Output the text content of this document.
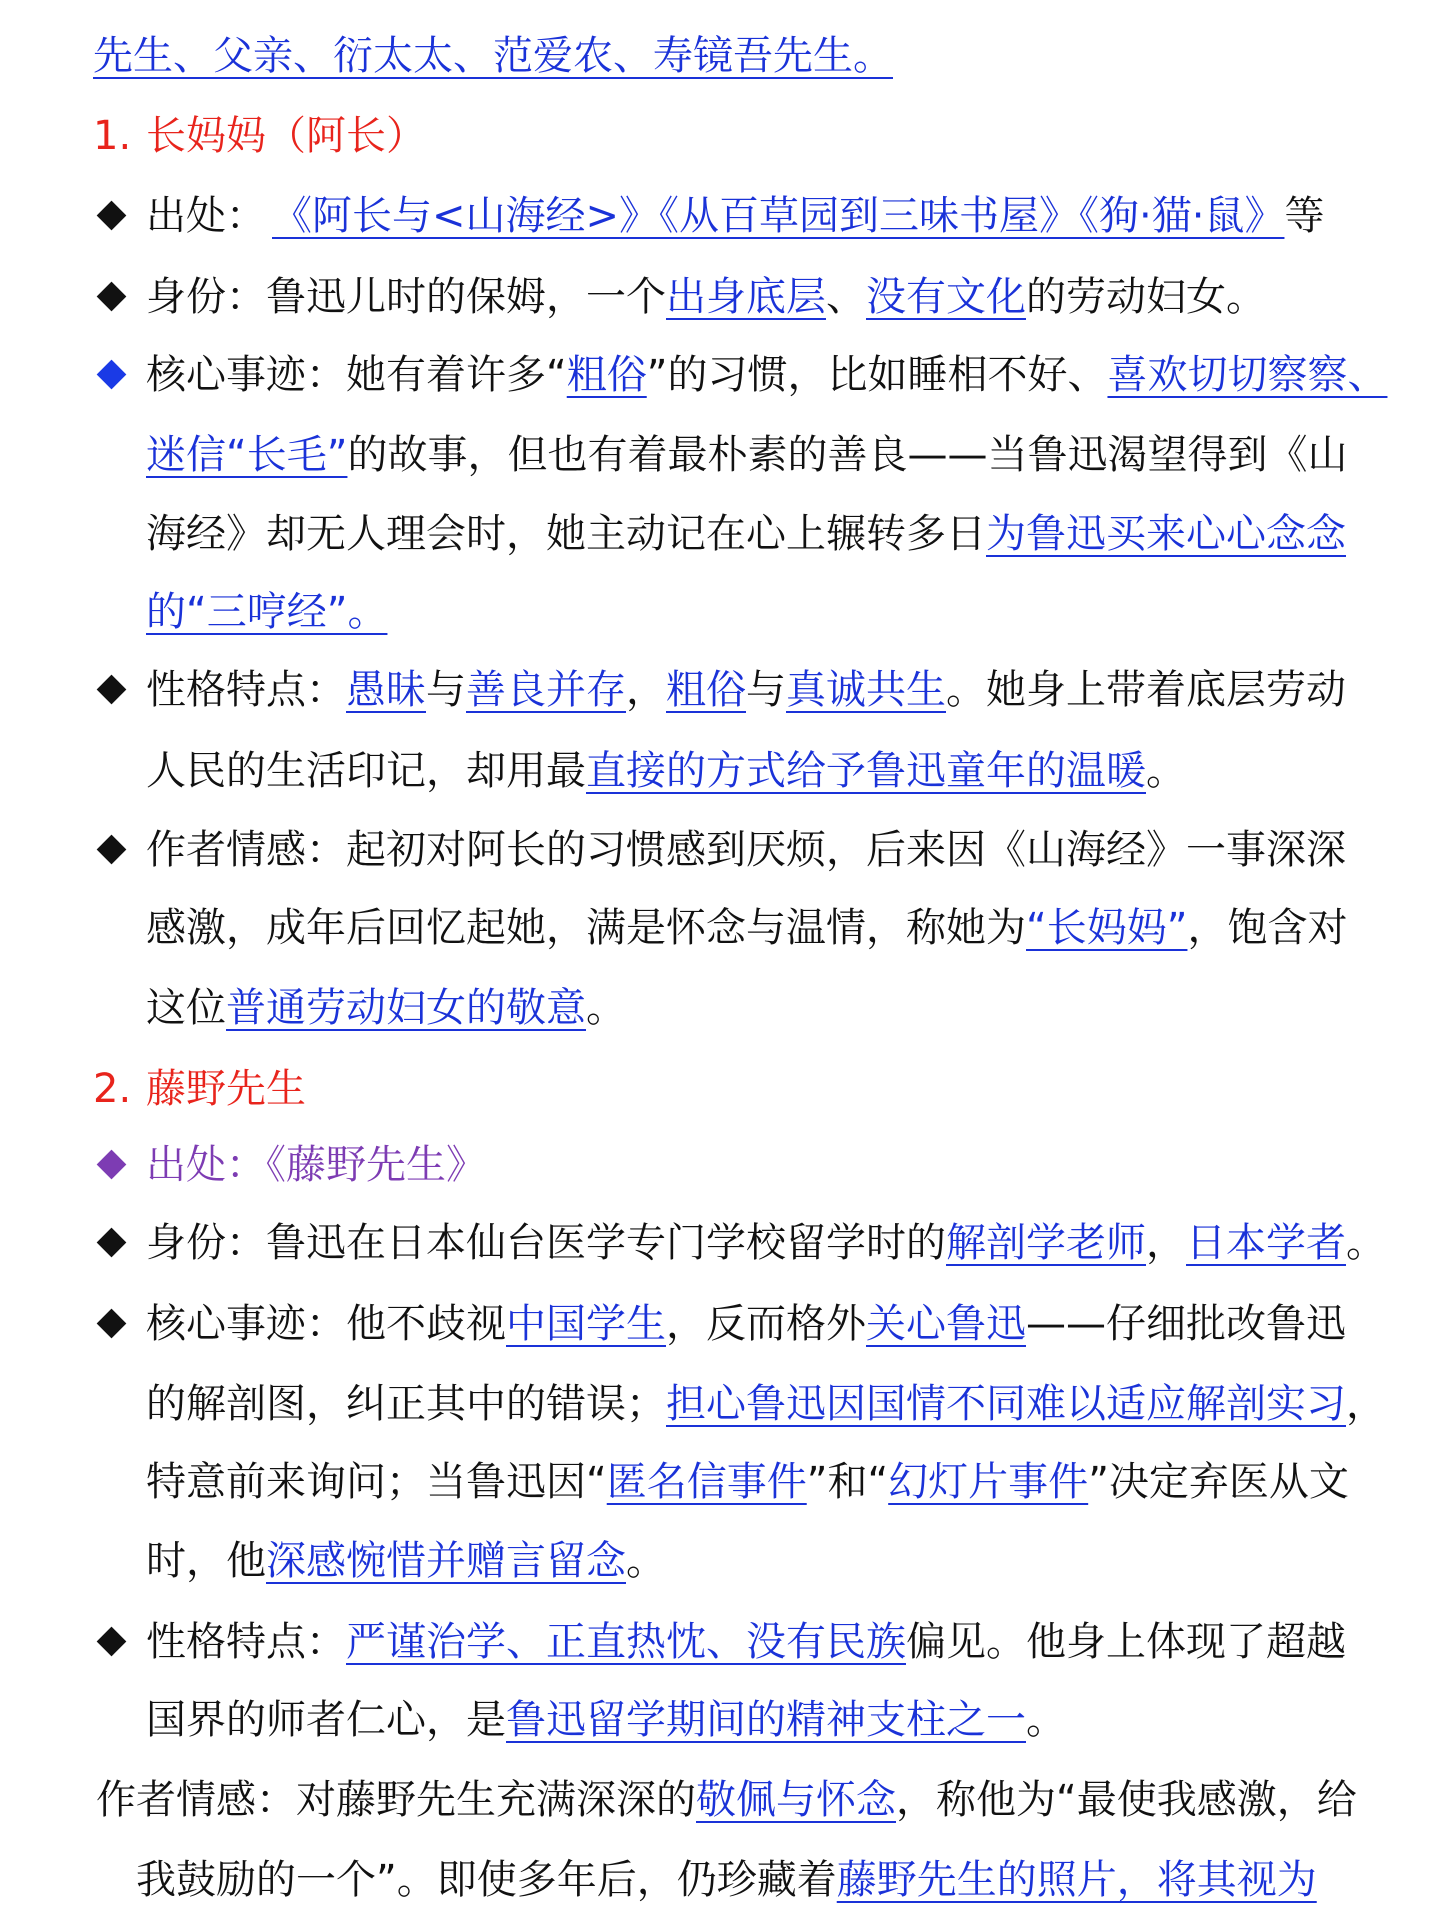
先生、父亲、衍太太、范爱农、寿镜吾先生。
1. 长妈妈（阿长）
出处： 《阿长与<山海经>》《从百草园到三味书屋》《狗·猫·鼠》 等
身份：鲁迅儿时的保姆，一个 出身底层 、 没有文化 的劳动妇女。
核心事迹：她有着许多“ 粗俗 ”的习惯，比如睡相不好、 喜欢切切察察、
迷信“长毛” 的故事，但也有着最朴素的善良——当鲁迅渴望得到《山
海经》却无人理会时，她主动记在心上辗转多日 为鲁迅买来心心念念
的“三哼经”。
性格特点： 愚昧 与 善良并存 ， 粗俗 与 真诚共生 。她身上带着底层劳动
人民的生活印记，却用最 直接的方式给予鲁迅童年的温暖 。
作者情感：起初对阿长的习惯感到厌烦，后来因《山海经》一事深深
感激，成年后回忆起她，满是怀念与温情，称她为 “长妈妈” ，饱含对
这位 普通劳动妇女的敬意 。
2. 藤野先生
出处：《藤野先生》
身份：鲁迅在日本仙台医学专门学校留学时的 解剖学老师 ， 日本学者 。
核心事迹：他不歧视 中国学生 ，反而格外 关心鲁迅 ——仔细批改鲁迅
的解剖图，纠正其中的错误； 担心鲁迅因国情不同难以适应解剖实习 ，
特意前来询问；当鲁迅因“ 匿名信事件 ”和“ 幻灯片事件 ”决定弃医从文
时，他 深感惋惜并赠言留念 。
性格特点： 严谨治学、正直热忱、没有民族 偏见。他身上体现了超越
国界的师者仁心，是 鲁迅留学期间的精神支柱之一 。
作者情感：对藤野先生充满深深的 敬佩与怀念 ，称他为“最使我感激，给
我鼓励的一个”。即使多年后，仍珍藏着 藤野先生的照片，将其视为
